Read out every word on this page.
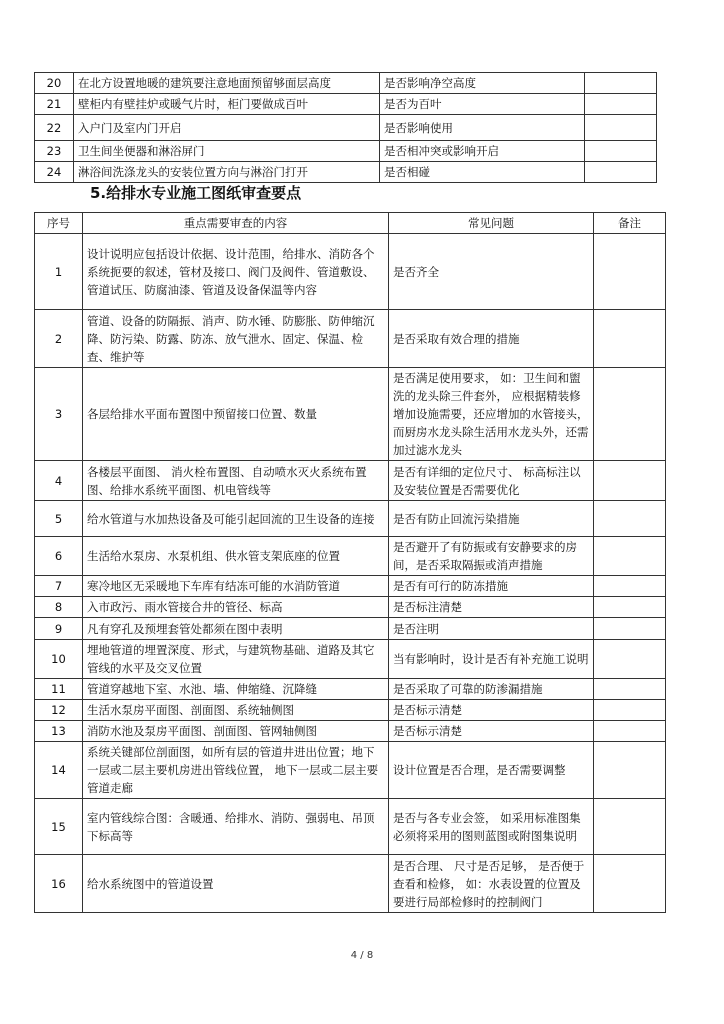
20	在北方设置地暖的建筑要注意地面预留够面层高度	是否影响净空高度	
21	壁柜内有壁挂炉或暖气片时，柜门要做成百叶	是否为百叶	
22	入户门及室内门开启	是否影响使用	
23	卫生间坐便器和淋浴屏门	是否相冲突或影响开启	
24	淋浴间洗涤龙头的安装位置方向与淋浴门打开	是否相碰	
5.给排水专业施工图纸审查要点
序号	重点需要审查的内容	常见问题	备注
1	设计说明应包括设计依据、设计范围，给排水、消防各个系统扼要的叙述，管材及接口、阀门及阀件、管道敷设、管道试压、防腐油漆、管道及设备保温等内容	是否齐全	
2	管道、设备的防隔振、消声、防水锤、防膨胀、防伸缩沉降、防污染、防露、防冻、放气泄水、固定、保温、检查、维护等	是否采取有效合理的措施	
3	各层给排水平面布置图中预留接口位置、数量	是否满足使用要求， 如：卫生间和盥洗的龙头除三件套外， 应根据精装修增加设施需要，还应增加的水管接头，而厨房水龙头除生活用水龙头外，还需加过滤水龙头	
4	各楼层平面图、 消火栓布置图、自动喷水灭火系统布置图、给排水系统平面图、机电管线等	是否有详细的定位尺寸、 标高标注以及安装位置是否需要优化	
5	给水管道与水加热设备及可能引起回流的卫生设备的连接	是否有防止回流污染措施	
6	生活给水泵房、水泵机组、供水管支架底座的位置	是否避开了有防振或有安静要求的房间，是否采取隔振或消声措施	
7	寒冷地区无采暖地下车库有结冻可能的水消防管道	是否有可行的防冻措施	
8	入市政污、雨水管接合井的管径、标高	是否标注清楚	
9	凡有穿孔及预埋套管处都须在图中表明	是否注明	
10	埋地管道的埋置深度、形式，与建筑物基础、道路及其它管线的水平及交叉位置	当有影响时，设计是否有补充施工说明	
11	管道穿越地下室、水池、墙、伸缩缝、沉降缝	是否采取了可靠的防渗漏措施	
12	生活水泵房平面图、剖面图、系统轴侧图	是否标示清楚	
13	消防水池及泵房平面图、剖面图、管网轴侧图	是否标示清楚	
14	系统关键部位剖面图，如所有层的管道井进出位置；地下一层或二层主要机房进出管线位置， 地下一层或二层主要管道走廊	设计位置是否合理，是否需要调整	
15	室内管线综合图：含暖通、给排水、消防、强弱电、吊顶下标高等	是否与各专业会签， 如采用标准图集必须将采用的图则蓝图或附图集说明	
16	给水系统图中的管道设置	是否合理、 尺寸是否足够， 是否便于查看和检修， 如：水表设置的位置及要进行局部检修时的控制阀门	
4 / 8
